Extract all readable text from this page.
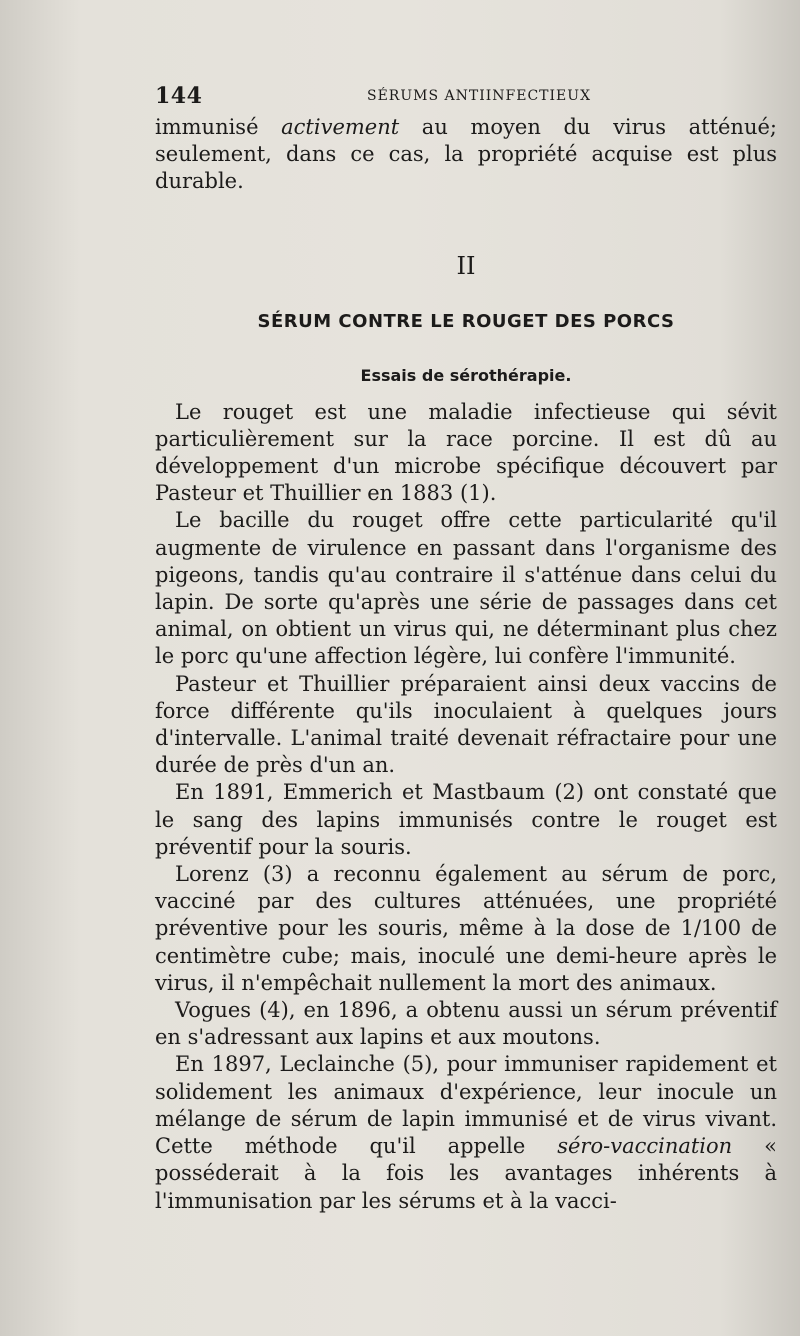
144	SÉRUMS ANTIINFECTIEUX

immunisé activement au moyen du virus atténué; seulement, dans ce cas, la propriété acquise est plus durable.

II
SÉRUM CONTRE LE ROUGET DES PORCS
Essais de sérothérapie.

Le rouget est une maladie infectieuse qui sévit particulièrement sur la race porcine. Il est dû au développement d'un microbe spécifique découvert par Pasteur et Thuillier en 1883 (1).

Le bacille du rouget offre cette particularité qu'il augmente de virulence en passant dans l'organisme des pigeons, tandis qu'au contraire il s'atténue dans celui du lapin. De sorte qu'après une série de passages dans cet animal, on obtient un virus qui, ne déterminant plus chez le porc qu'une affection légère, lui confère l'immunité.

Pasteur et Thuillier préparaient ainsi deux vaccins de force différente qu'ils inoculaient à quelques jours d'intervalle. L'animal traité devenait réfractaire pour une durée de près d'un an.

En 1891, Emmerich et Mastbaum (2) ont constaté que le sang des lapins immunisés contre le rouget est préventif pour la souris.

Lorenz (3) a reconnu également au sérum de porc, vacciné par des cultures atténuées, une propriété préventive pour les souris, même à la dose de 1/100 de centimètre cube; mais, inoculé une demi-heure après le virus, il n'empêchait nullement la mort des animaux.

Vogues (4), en 1896, a obtenu aussi un sérum préventif en s'adressant aux lapins et aux moutons.

En 1897, Leclainche (5), pour immuniser rapidement et solidement les animaux d'expérience, leur inocule un mélange de sérum de lapin immunisé et de virus vivant. Cette méthode qu'il appelle séro-vaccination « posséderait à la fois les avantages inhérents à l'immunisation par les sérums et à la vacci-
